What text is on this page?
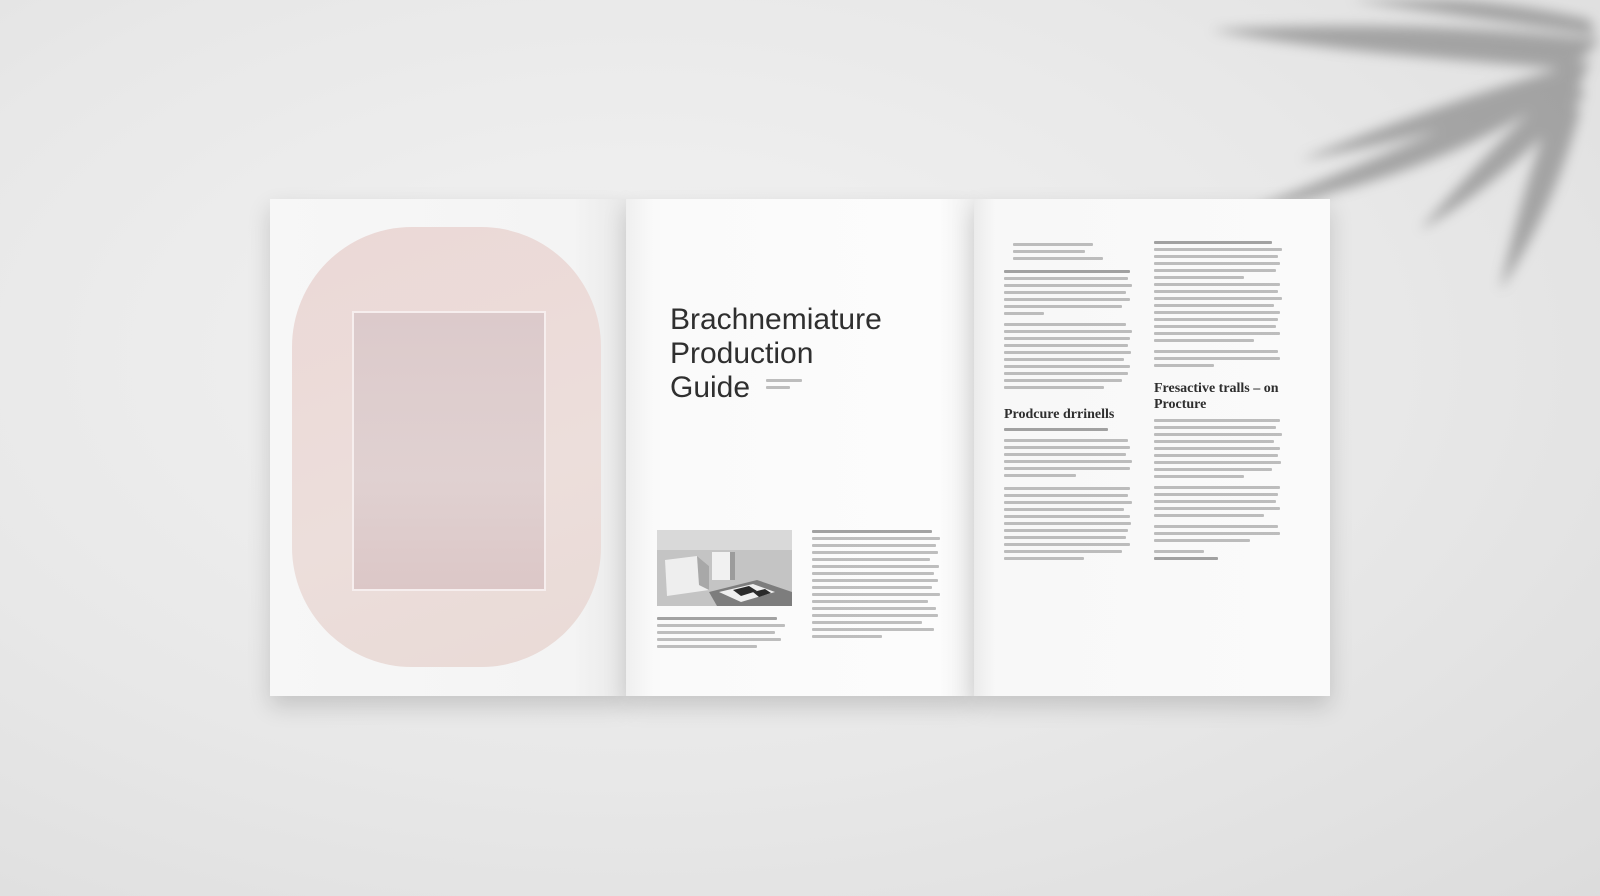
Brachnemiature
Production
Guide

Prodcure drrinells
Fresactive tralls – on
Procture
